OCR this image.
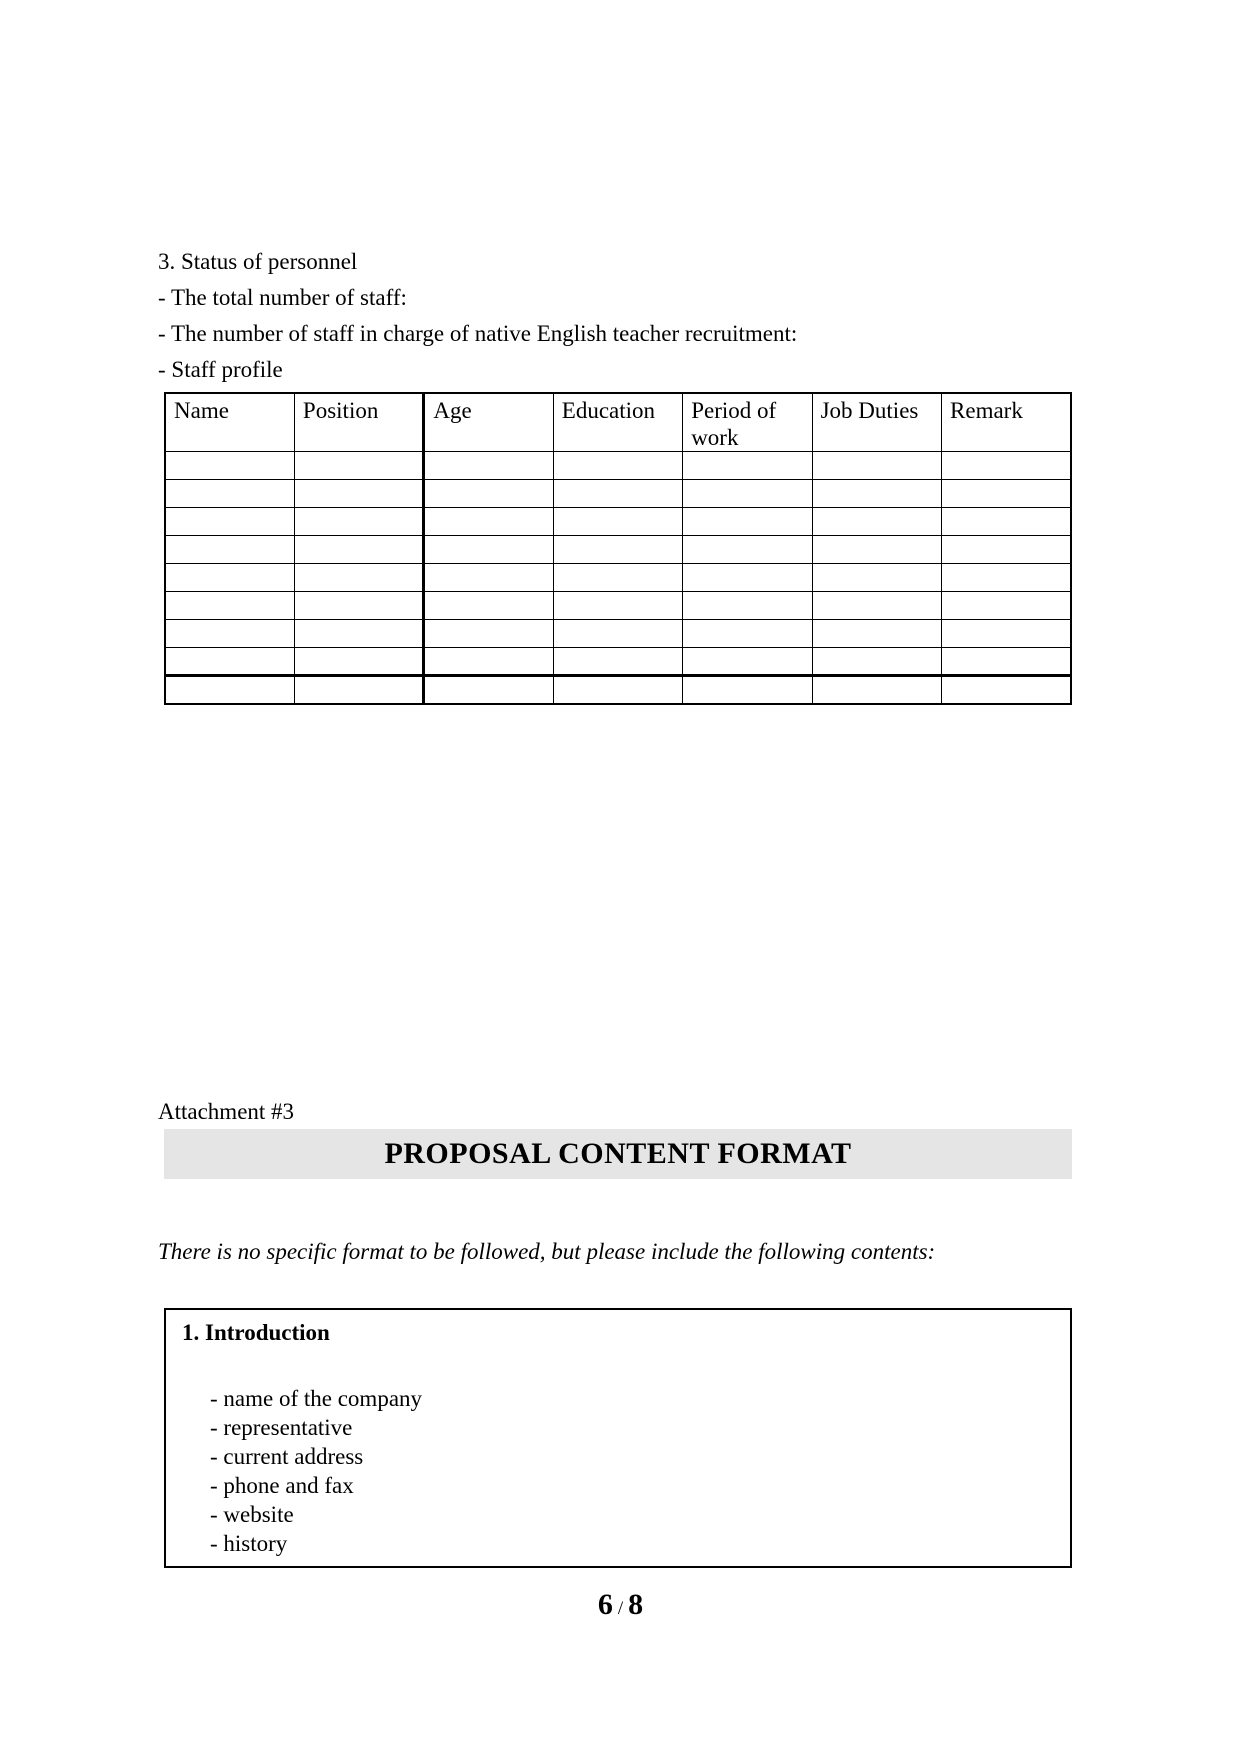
3. Status of personnel

- The total number of staff:

- The number of staff in charge of native English teacher recruitment:

- Staff profile

Name	Position	Age	Education	Period of work	Job Duties	Remark

Attachment #3

PROPOSAL CONTENT FORMAT

There is no specific format to be followed, but please include the following contents:

1. Introduction

- name of the company
- representative
- current address
- phone and fax
- website
- history
6 / 8
